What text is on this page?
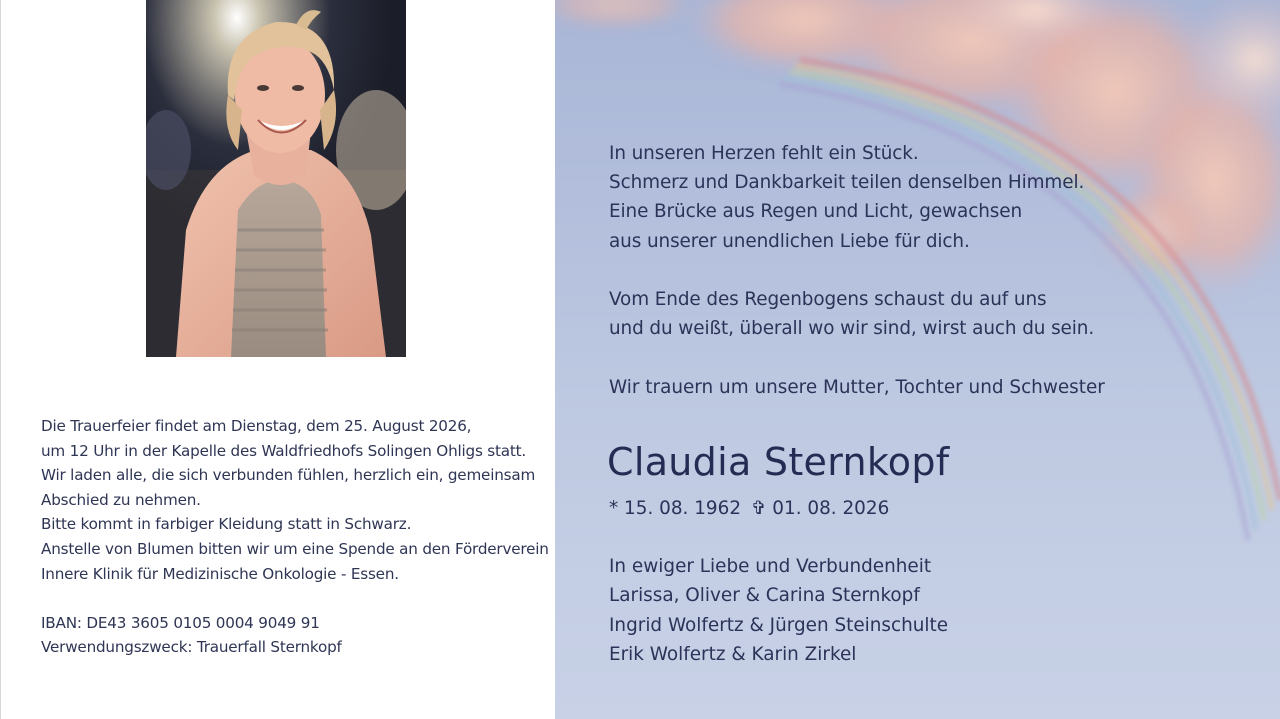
Die Trauerfeier findet am Dienstag, dem 25. August 2026,
um 12 Uhr in der Kapelle des Waldfriedhofs Solingen Ohligs statt.
Wir laden alle, die sich verbunden fühlen, herzlich ein, gemeinsam
Abschied zu nehmen.
Bitte kommt in farbiger Kleidung statt in Schwarz.
Anstelle von Blumen bitten wir um eine Spende an den Förderverein
Innere Klinik für Medizinische Onkologie - Essen.
IBAN: DE43 3605 0105 0004 9049 91
Verwendungszweck: Trauerfall Sternkopf
In unseren Herzen fehlt ein Stück.
Schmerz und Dankbarkeit teilen denselben Himmel.
Eine Brücke aus Regen und Licht, gewachsen
aus unserer unendlichen Liebe für dich.
Vom Ende des Regenbogens schaust du auf uns
und du weißt, überall wo wir sind, wirst auch du sein.
Wir trauern um unsere Mutter, Tochter und Schwester
Claudia Sternkopf
* 15. 08. 1962 ✞ 01. 08. 2026
In ewiger Liebe und Verbundenheit
Larissa, Oliver & Carina Sternkopf
Ingrid Wolfertz & Jürgen Steinschulte
Erik Wolfertz & Karin Zirkel
